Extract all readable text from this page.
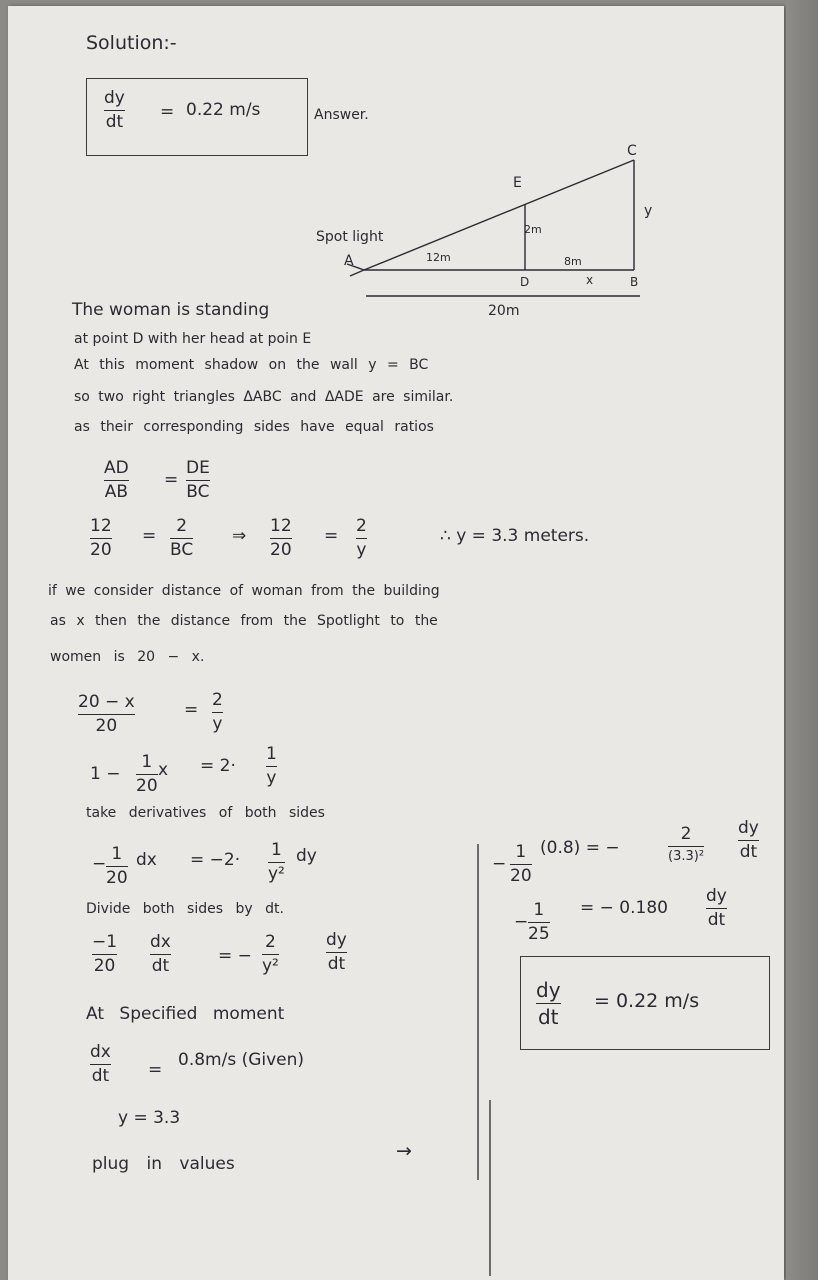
Solution:-
dy
dt = 0.22 m/s	Answer.
C
E
y
Spot light	2m
A	12m	8m
D	x	B
20m
The woman is standing
at point D with her head at poin E
At this moment shadow on the wall y = BC
so two right triangles ΔABC and ΔADE are similar.
as their corresponding sides have equal ratios
AD
AB
=
DE
BC
12
20
= 2
BC
⇒ 12
20
= 2
y
∴ y = 3.3 meters.
if we consider distance of woman from the building
as x then the distance from the Spotlight to the
women is 20 − x.
20 − x
20
= 2
y
1 −
1
20
x = 2·
1
y
take derivatives of both sides
− 1
20
dx = −2· 1
y²
dy
Divide both sides by dt.
−1
20
dx
dt	= −
2
y²
dy
dt
At Specified moment
dx
dt = 0.8m/s (Given)
y = 3.3
plug in values
→
−
1
20
(0.8) = −
2
(3.3)²
dy
dt
−
1
25
= − 0.180
dy
dt
dy
dt
= 0.22 m/s
